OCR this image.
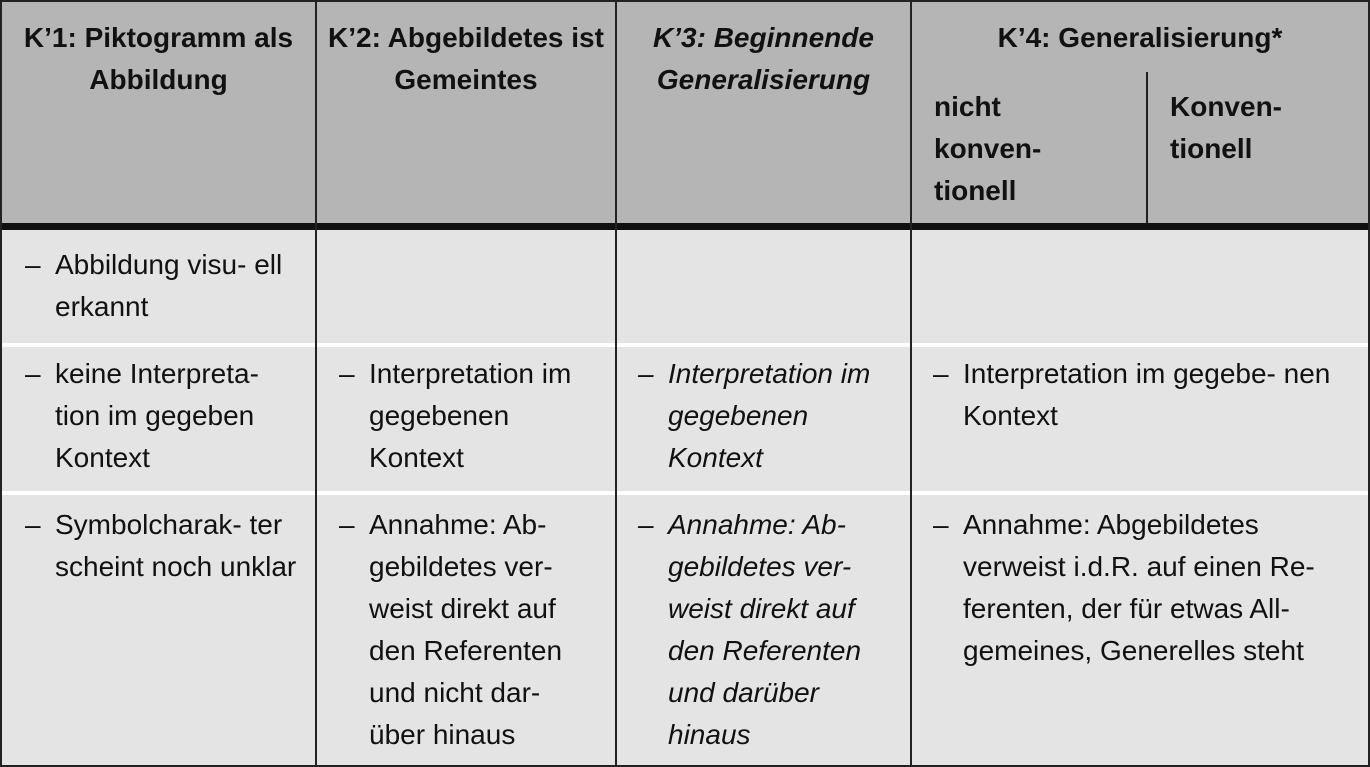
K’1: Piktogramm als Abbildung
K’2: Abgebildetes ist Gemeintes
K’3: Beginnende Generalisierung
K’4: Generalisierung*
nicht konven- tionell
Konven- tionell
– Abbildung visu- ell erkannt
– keine Interpreta- tion im gegeben Kontext
– Interpretation im gegebenen Kontext
– Interpretation im gegebenen Kontext
– Interpretation im gegebe- nen Kontext
– Symbolcharak- ter scheint noch unklar
– Annahme: Ab- gebildetes ver- weist direkt auf den Referenten und nicht dar- über hinaus
– Annahme: Ab- gebildetes ver- weist direkt auf den Referenten und darüber hinaus
– Annahme: Abgebildetes verweist i.d.R. auf einen Re- ferenten, der für etwas All- gemeines, Generelles steht
